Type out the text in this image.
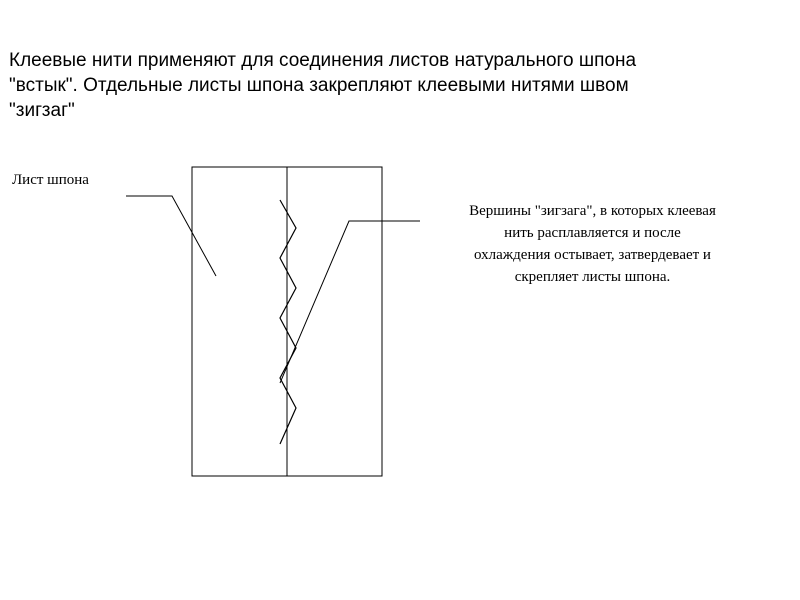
Клеевые нити применяют для соединения листов натурального шпона
"встык". Отдельные листы шпона закрепляют клеевыми нитями швом
"зигзаг"
Лист шпона
Вершины "зигзага", в которых клеевая
нить расплавляется и после
охлаждения остывает, затвердевает и
скрепляет листы шпона.
